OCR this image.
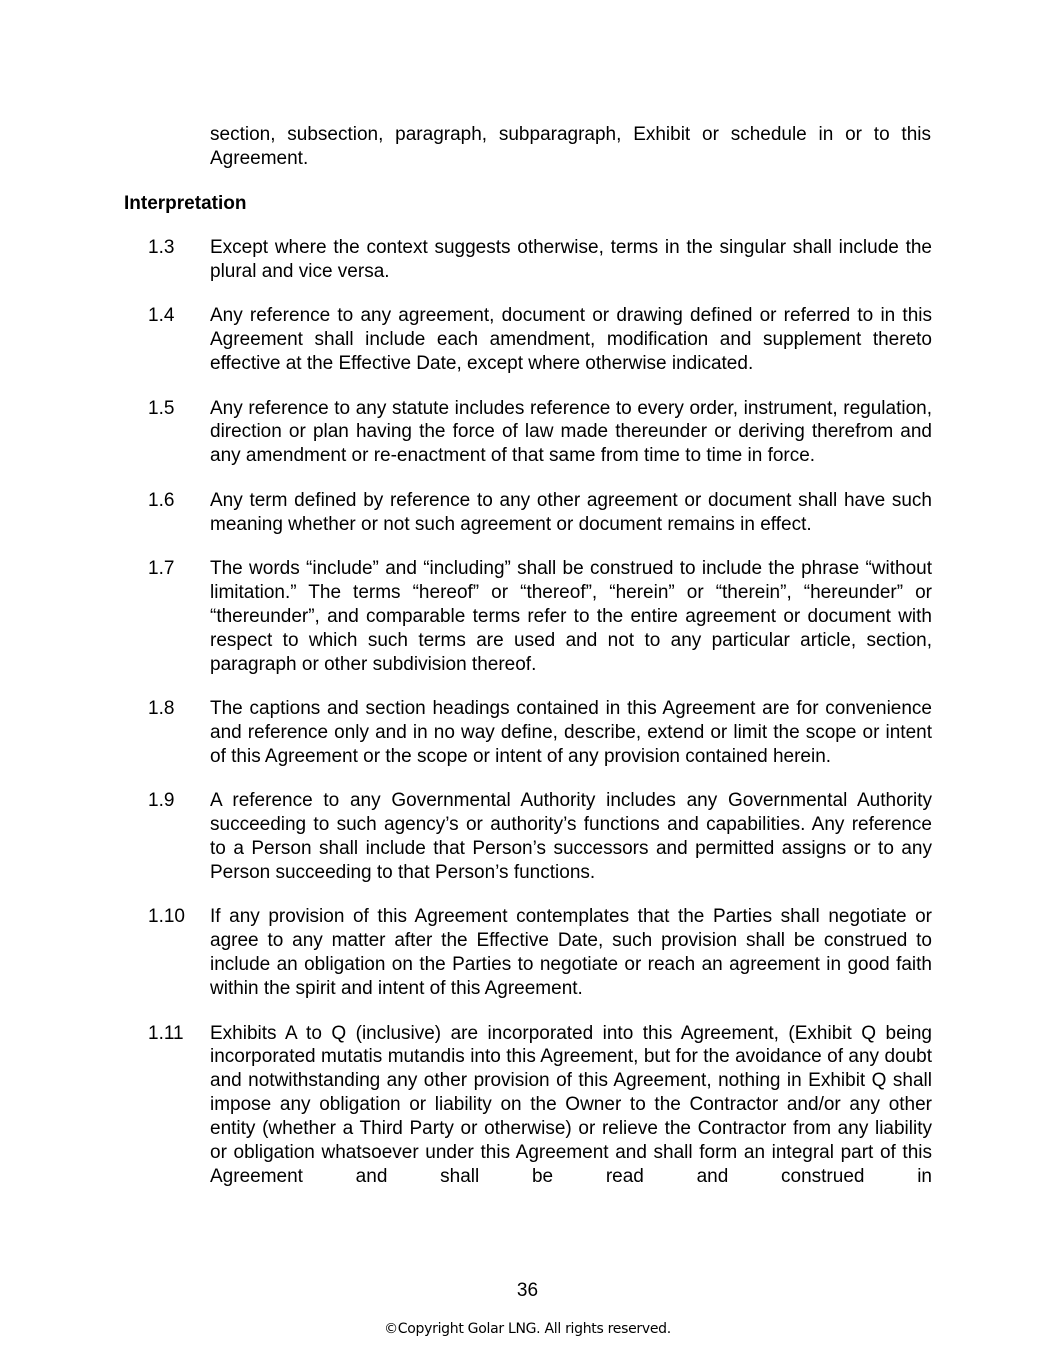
section, subsection, paragraph, subparagraph, Exhibit or schedule in or to this Agreement.
Interpretation
1.3	Except where the context suggests otherwise, terms in the singular shall include the plural and vice versa.
1.4	Any reference to any agreement, document or drawing defined or referred to in this Agreement shall include each amendment, modification and supplement thereto effective at the Effective Date, except where otherwise indicated.
1.5	Any reference to any statute includes reference to every order, instrument, regulation, direction or plan having the force of law made thereunder or deriving therefrom and any amendment or re-enactment of that same from time to time in force.
1.6	Any term defined by reference to any other agreement or document shall have such meaning whether or not such agreement or document remains in effect.
1.7	The words “include” and “including” shall be construed to include the phrase “without limitation.” The terms “hereof” or “thereof”, “herein” or “therein”, “hereunder” or “thereunder”, and comparable terms refer to the entire agreement or document with respect to which such terms are used and not to any particular article, section, paragraph or other subdivision thereof.
1.8	The captions and section headings contained in this Agreement are for convenience and reference only and in no way define, describe, extend or limit the scope or intent of this Agreement or the scope or intent of any provision contained herein.
1.9	A reference to any Governmental Authority includes any Governmental Authority succeeding to such agency’s or authority’s functions and capabilities. Any reference to a Person shall include that Person’s successors and permitted assigns or to any Person succeeding to that Person’s functions.
1.10	If any provision of this Agreement contemplates that the Parties shall negotiate or agree to any matter after the Effective Date, such provision shall be construed to include an obligation on the Parties to negotiate or reach an agreement in good faith within the spirit and intent of this Agreement.
1.11	Exhibits A to Q (inclusive) are incorporated into this Agreement, (Exhibit Q being incorporated mutatis mutandis into this Agreement, but for the avoidance of any doubt and notwithstanding any other provision of this Agreement, nothing in Exhibit Q shall impose any obligation or liability on the Owner to the Contractor and/or any other entity (whether a Third Party or otherwise) or relieve the Contractor from any liability or obligation whatsoever under this Agreement and shall form an integral part of this Agreement and shall be read and construed in
36
©Copyright Golar LNG. All rights reserved.
